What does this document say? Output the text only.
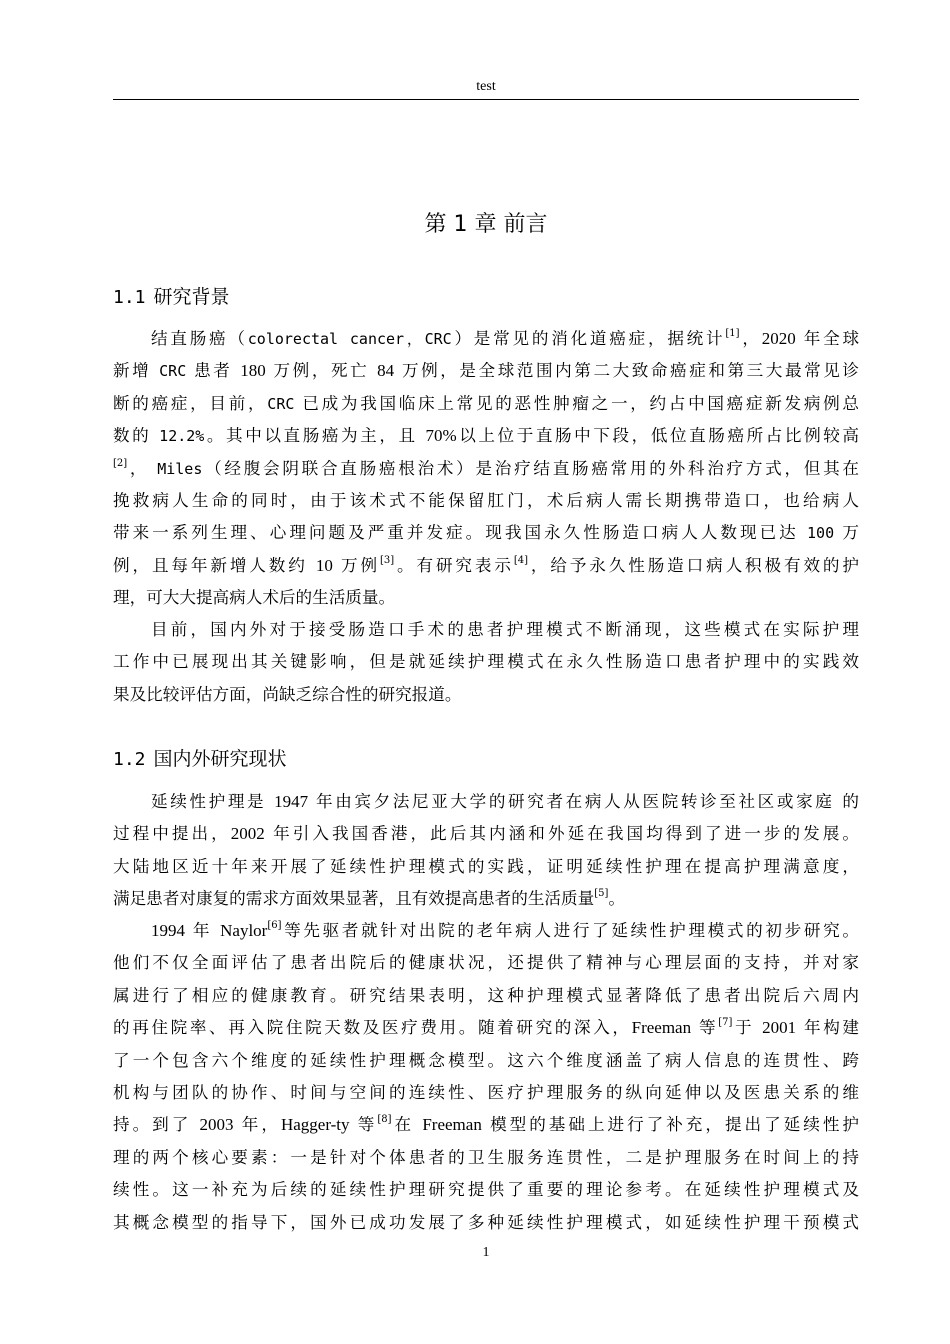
test
第 1 章 前言
1.1 研究背景
结直肠癌（colorectal cancer，CRC）是常见的消化道癌症，据统计[1]，2020 年全球
新增 CRC 患者 180 万例，死亡 84 万例，是全球范围内第二大致命癌症和第三大最常见诊
断的癌症，目前，CRC 已成为我国临床上常见的恶性肿瘤之一，约占中国癌症新发病例总
数的 12.2%。其中以直肠癌为主，且 70%以上位于直肠中下段，低位直肠癌所占比例较高
[2]， Miles（经腹会阴联合直肠癌根治术）是治疗结直肠癌常用的外科治疗方式，但其在
挽救病人生命的同时，由于该术式不能保留肛门，术后病人需长期携带造口，也给病人
带来一系列生理、心理问题及严重并发症。现我国永久性肠造口病人人数现已达 100 万
例，且每年新增人数约 10 万例[3]。有研究表示[4]，给予永久性肠造口病人积极有效的护
理，可大大提高病人术后的生活质量。
目前，国内外对于接受肠造口手术的患者护理模式不断涌现，这些模式在实际护理
工作中已展现出其关键影响，但是就延续护理模式在永久性肠造口患者护理中的实践效
果及比较评估方面，尚缺乏综合性的研究报道。
1.2 国内外研究现状
延续性护理是 1947 年由宾夕法尼亚大学的研究者在病人从医院转诊至社区或家庭 的
过程中提出，2002 年引入我国香港，此后其内涵和外延在我国均得到了进一步的发展。
大陆地区近十年来开展了延续性护理模式的实践，证明延续性护理在提高护理满意度，
满足患者对康复的需求方面效果显著，且有效提高患者的生活质量[5]。
1994 年 Naylor[6]等先驱者就针对出院的老年病人进行了延续性护理模式的初步研究。
他们不仅全面评估了患者出院后的健康状况，还提供了精神与心理层面的支持，并对家
属进行了相应的健康教育。研究结果表明，这种护理模式显著降低了患者出院后六周内
的再住院率、再入院住院天数及医疗费用。随着研究的深入，Freeman 等[7]于 2001 年构建
了一个包含六个维度的延续性护理概念模型。这六个维度涵盖了病人信息的连贯性、跨
机构与团队的协作、时间与空间的连续性、医疗护理服务的纵向延伸以及医患关系的维
持。到了 2003 年，Hagger-ty 等[8]在 Freeman 模型的基础上进行了补充，提出了延续性护
理的两个核心要素：一是针对个体患者的卫生服务连贯性，二是护理服务在时间上的持
续性。这一补充为后续的延续性护理研究提供了重要的理论参考。在延续性护理模式及
其概念模型的指导下，国外已成功发展了多种延续性护理模式，如延续性护理干预模式
1
